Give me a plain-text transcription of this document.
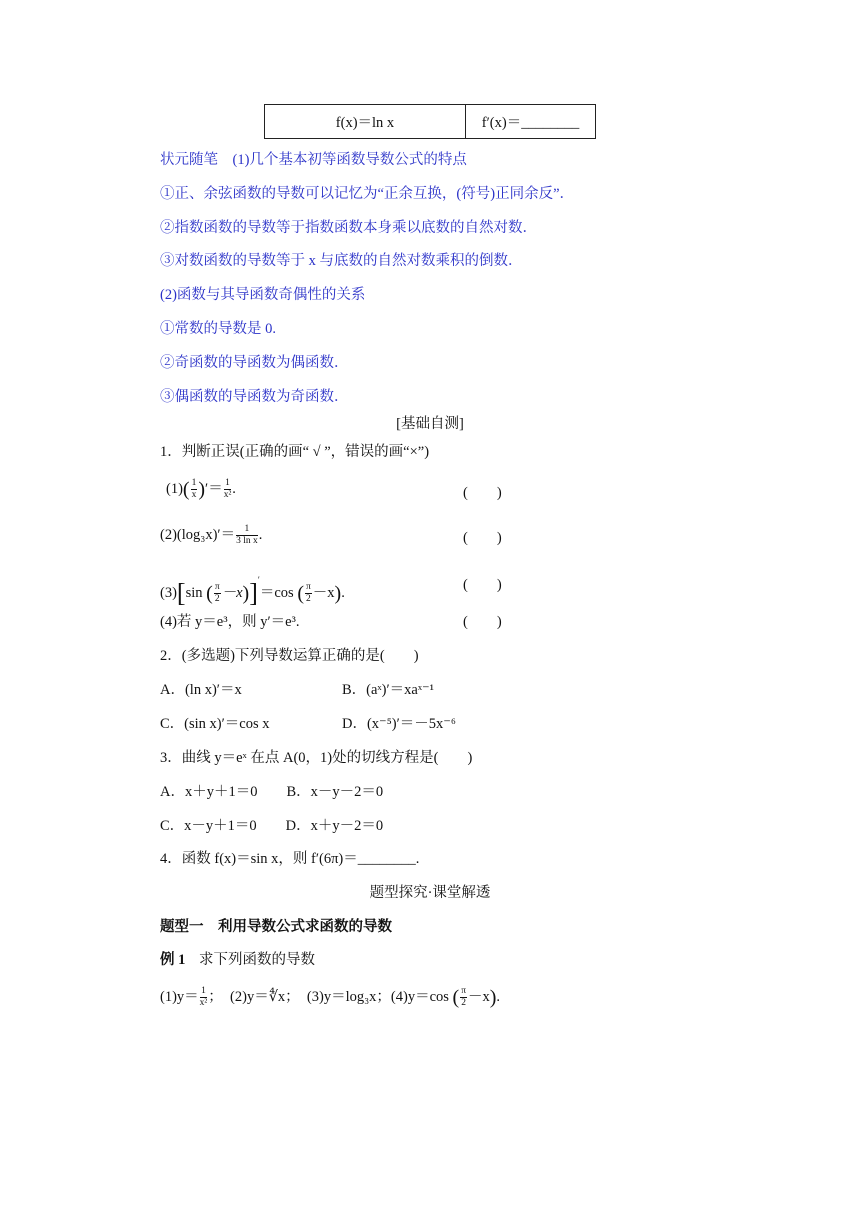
f(x)＝ln x	f′(x)＝________
状元随笔　(1)几个基本初等函数导数公式的特点
①正、余弦函数的导数可以记忆为“正余互换，(符号)正同余反”．
②指数函数的导数等于指数函数本身乘以底数的自然对数．
③对数函数的导数等于 x 与底数的自然对数乘积的倒数．
(2)函数与其导函数奇偶性的关系
①常数的导数是 0.
②奇函数的导函数为偶函数．
③偶函数的导函数为奇函数．
[基础自测]
1．判断正误(正确的画“ √ ”，错误的画“×”)
$(1)( \frac{1}{x}$ )′＝ $\frac{1}{\text{x²}}$ .	(　　)
$(2)(\log_3x)'= \frac{1}{\text{3 ln x}}$ .	(　　)
(3)[sin ( $\frac{\pi}{2} -x)]'=\cos$ ( $\frac{\pi}{2} -x$).	(　　)
(4)若 y＝e³，则 y′＝e³.	(　　)
2．(多选题)下列导数运算正确的是(　　)
A．(ln x)′＝x	B．(aˣ)′＝xaˣ⁻¹
C．(sin x)′＝cos x	D．(x⁻⁵)′＝－5x⁻⁶
3．曲线 y＝eˣ 在点 A(0，1)处的切线方程是(　　)
A．x＋y＋1＝0　　B．x－y－2＝0
C．x－y＋1＝0　　D．x＋y－2＝0
4．函数 f(x)＝sin x，则 f′(6π)＝________.
题型探究·课堂解透
题型一　利用导数公式求函数的导数
例 1 求下列函数的导数
$(1)y= \frac{1}{\text{x²}}$ ；　(2)y＝∜x；　(3)y＝log₃x；(4)y＝cos ( $\frac{\pi}{2} -x$).
